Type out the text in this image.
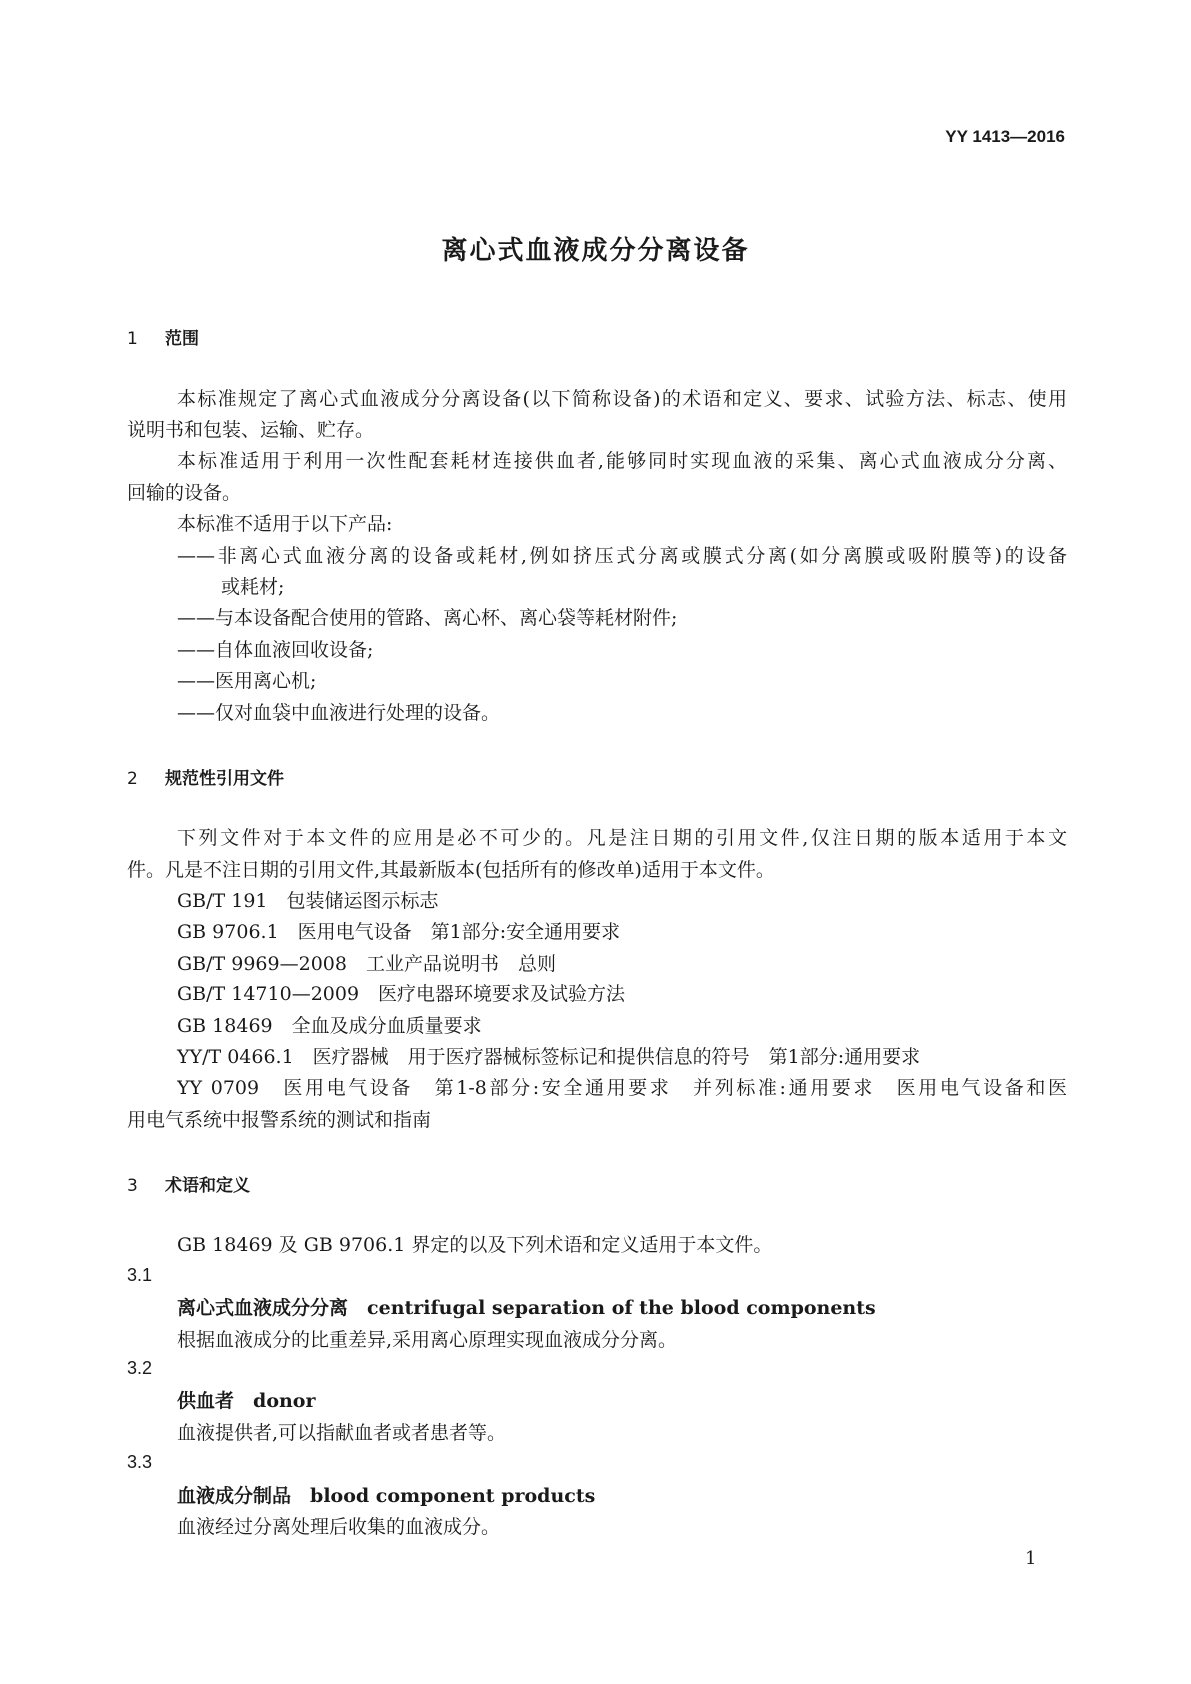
YY 1413—2016
离心式血液成分分离设备
1 范围
本标准规定了离心式血液成分分离设备(以下简称设备)的术语和定义、要求、试验方法、标志、使用
说明书和包装、运输、贮存。
本标准适用于利用一次性配套耗材连接供血者,能够同时实现血液的采集、离心式血液成分分离、
回输的设备。
本标准不适用于以下产品:
——非离心式血液分离的设备或耗材,例如挤压式分离或膜式分离(如分离膜或吸附膜等)的设备
或耗材;
——与本设备配合使用的管路、离心杯、离心袋等耗材附件;
——自体血液回收设备;
——医用离心机;
——仅对血袋中血液进行处理的设备。
2 规范性引用文件
下列文件对于本文件的应用是必不可少的。凡是注日期的引用文件,仅注日期的版本适用于本文
件。凡是不注日期的引用文件,其最新版本(包括所有的修改单)适用于本文件。
GB/T 191　包装储运图示标志
GB 9706.1　医用电气设备　第1部分:安全通用要求
GB/T 9969—2008　工业产品说明书　总则
GB/T 14710—2009　医疗电器环境要求及试验方法
GB 18469　全血及成分血质量要求
YY/T 0466.1　医疗器械　用于医疗器械标签标记和提供信息的符号　第1部分:通用要求
YY 0709　医用电气设备　第1-8部分:安全通用要求　并列标准:通用要求　医用电气设备和医
用电气系统中报警系统的测试和指南
3 术语和定义
GB 18469 及 GB 9706.1 界定的以及下列术语和定义适用于本文件。
3.1
离心式血液成分分离　 centrifugal separation of the blood components
根据血液成分的比重差异,采用离心原理实现血液成分分离。
3.2
供血者　 donor
血液提供者,可以指献血者或者患者等。
3.3
血液成分制品　 blood component products
血液经过分离处理后收集的血液成分。
1
